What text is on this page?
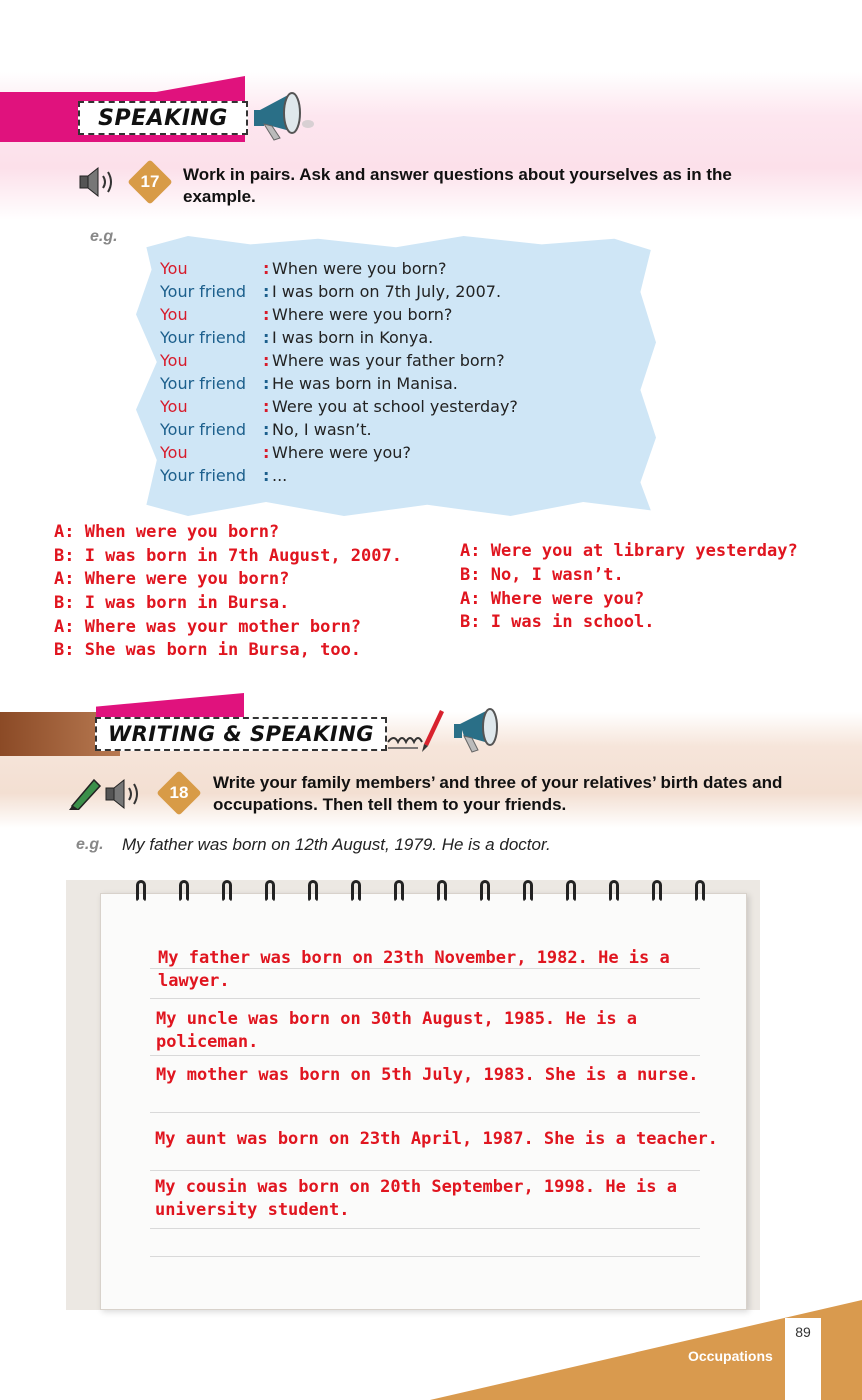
SPEAKING
17	Work in pairs. Ask and answer questions about yourselves as in the example.
e.g.
You	: When were you born?
Your friend : I was born on 7th July, 2007.
You	: Where were you born?
Your friend : I was born in Konya.
You	: Where was your father born?
Your friend : He was born in Manisa.
You	: Were you at school yesterday?
Your friend : No, I wasn’t.
You	: Where were you?
Your friend : ...
A: When were you born?
B: I was born in 7th August, 2007.
A: Where were you born?
B: I was born in Bursa.
A: Where was your mother born?
B: She was born in Bursa, too.
A: Were you at library yesterday?
B: No, I wasn’t.
A: Where were you?
B: I was in school.
WRITING & SPEAKING
18
Write your family members’ and three of your relatives’ birth dates and occupations. Then tell them to your friends.
e.g. My father was born on 12th August, 1979. He is a doctor.
My father was born on 23th November, 1982. He is a lawyer.
My uncle was born on 30th August, 1985. He is a policeman.
My mother was born on 5th July, 1983. She is a nurse.
My aunt was born on 23th April, 1987. She is a teacher.
My cousin was born on 20th September, 1998. He is a university student.
89
Occupations
